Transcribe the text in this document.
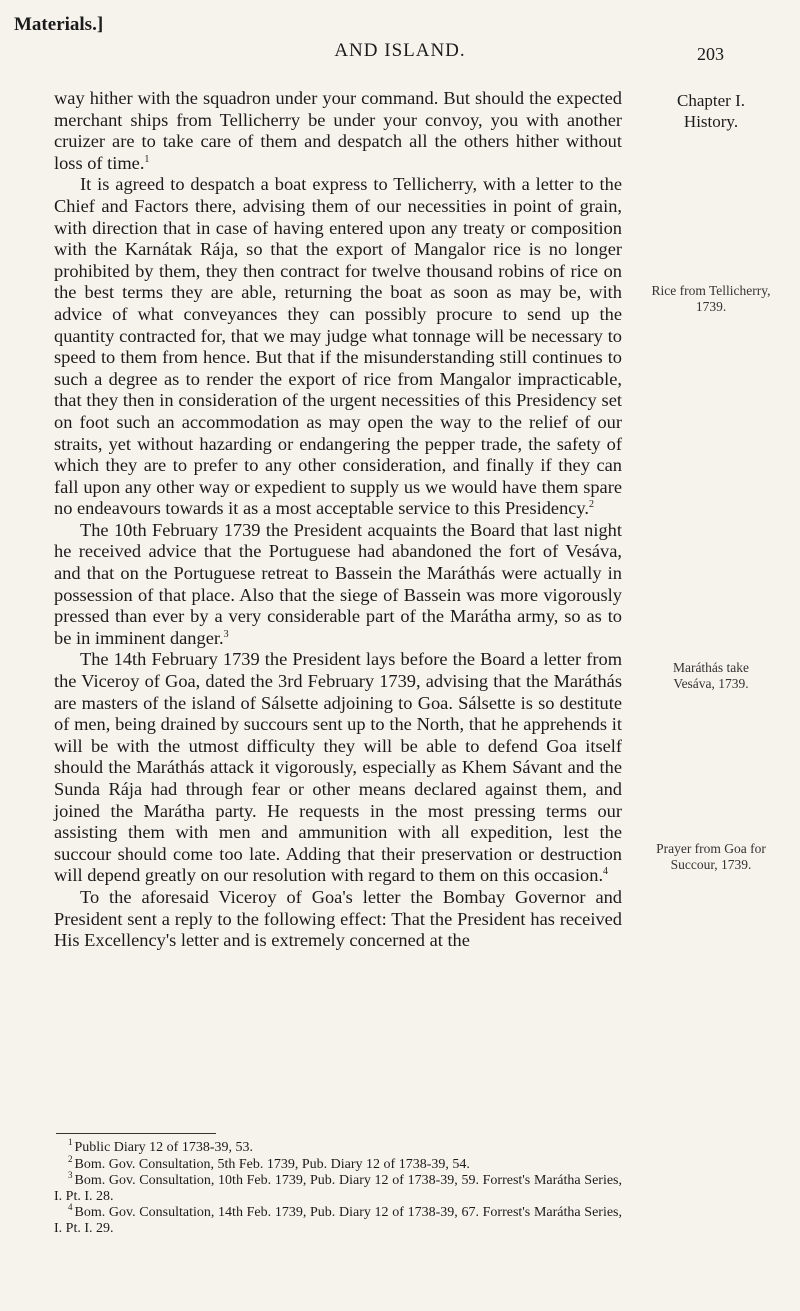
Materials.]
AND ISLAND.	203
Chapter I.
History.
Rice from Tellicherry, 1739.
Maráthás take Vesáva, 1739.
Prayer from Goa for Succour, 1739.

way hither with the squadron under your command. But should the expected merchant ships from Tellicherry be under your convoy, you with another cruizer are to take care of them and despatch all the others hither without loss of time.$^1$

It is agreed to despatch a boat express to Tellicherry, with a letter to the Chief and Factors there, advising them of our necessities in point of grain, with direction that in case of having entered upon any treaty or composition with the Karnátak Rája, so that the export of Mangalor rice is no longer prohibited by them, they then contract for twelve thousand robins of rice on the best terms they are able, returning the boat as soon as may be, with advice of what conveyances they can possibly procure to send up the quantity contracted for, that we may judge what tonnage will be necessary to speed to them from hence. But that if the misunderstanding still continues to such a degree as to render the export of rice from Mangalor impracticable, that they then in consideration of the urgent necessities of this Presidency set on foot such an accommodation as may open the way to the relief of our straits, yet without hazarding or endangering the pepper trade, the safety of which they are to prefer to any other consideration, and finally if they can fall upon any other way or expedient to supply us we would have them spare no endeavours towards it as a most acceptable service to this Presidency.$^2$

The 10th February 1739 the President acquaints the Board that last night he received advice that the Portuguese had abandoned the fort of Vesáva, and that on the Portuguese retreat to Bassein the Maráthás were actually in possession of that place. Also that the siege of Bassein was more vigorously pressed than ever by a very considerable part of the Marátha army, so as to be in imminent danger.$^3$

The 14th February 1739 the President lays before the Board a letter from the Viceroy of Goa, dated the 3rd February 1739, advising that the Maráthás are masters of the island of Sálsette adjoining to Goa. Sálsette is so destitute of men, being drained by succours sent up to the North, that he apprehends it will be with the utmost difficulty they will be able to defend Goa itself should the Maráthás attack it vigorously, especially as Khem Sávant and the Sunda Rája had through fear or other means declared against them, and joined the Marátha party. He requests in the most pressing terms our assisting them with men and ammunition with all expedition, lest the succour should come too late. Adding that their preservation or destruction will depend greatly on our resolution with regard to them on this occasion.$^4$

To the aforesaid Viceroy of Goa's letter the Bombay Governor and President sent a reply to the following effect: That the President has received His Excellency's letter and is extremely concerned at the

$^1$ Public Diary 12 of 1738-39, 53.
$^2$ Bom. Gov. Consultation, 5th Feb. 1739, Pub. Diary 12 of 1738-39, 54.
$^3$ Bom. Gov. Consultation, 10th Feb. 1739, Pub. Diary 12 of 1738-39, 59. Forrest's Marátha Series, I. Pt. I. 28.
$^4$ Bom. Gov. Consultation, 14th Feb. 1739, Pub. Diary 12 of 1738-39, 67. Forrest's Marátha Series, I. Pt. I. 29.
